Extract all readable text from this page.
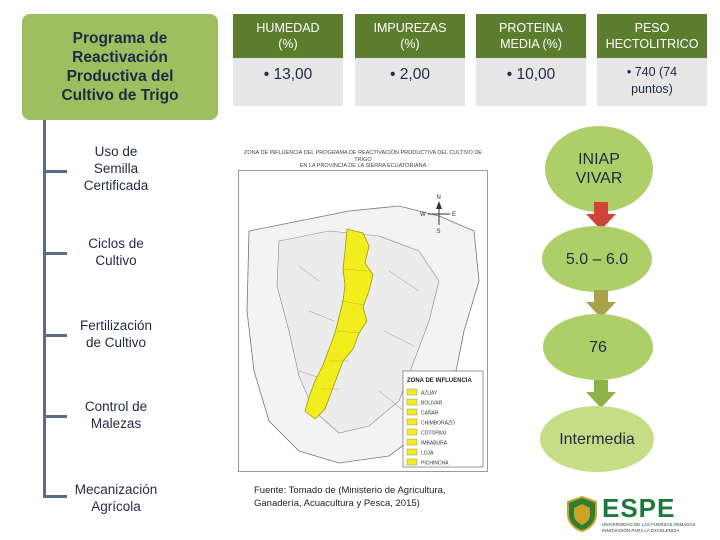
Programa de
Reactivación
Productiva del
Cultivo de Trigo
Uso de
Semilla
Certificada
Ciclos de
Cultivo
Fertilización
de Cultivo
Control de
Malezas
Mecanización
Agrícola
HUMEDAD
(%)
• 13,00
IMPUREZAS
(%)
• 2,00
PROTEINA
MEDIA (%)
• 10,00
PESO
HECTOLITRICO
• 740 (74
puntos)
ZONA DE INFLUENCIA DEL PROGRAMA DE REACTIVACIÓN PRODUCTIVA DEL CULTIVO DE TRIGO
EN LA PROVINCIA DE LA SIERRA ECUATORIANA
N
S
E
W
ZONA DE INFLUENCIA
AZUAY
BOLIVAR
CAÑAR
CHIMBORAZO
COTOPAXI
IMBABURA
LOJA
PICHINCHA
Fuente: Tomado de (Ministerio de Agricultura,
Ganadería, Acuacultura y Pesca, 2015)
INIAP
VIVAR
5.0 – 6.0
76
Intermedia
ESPE
UNIVERSIDAD DE LAS FUERZAS ARMADAS
INNOVACIÓN PARA LA EXCELENCIA
